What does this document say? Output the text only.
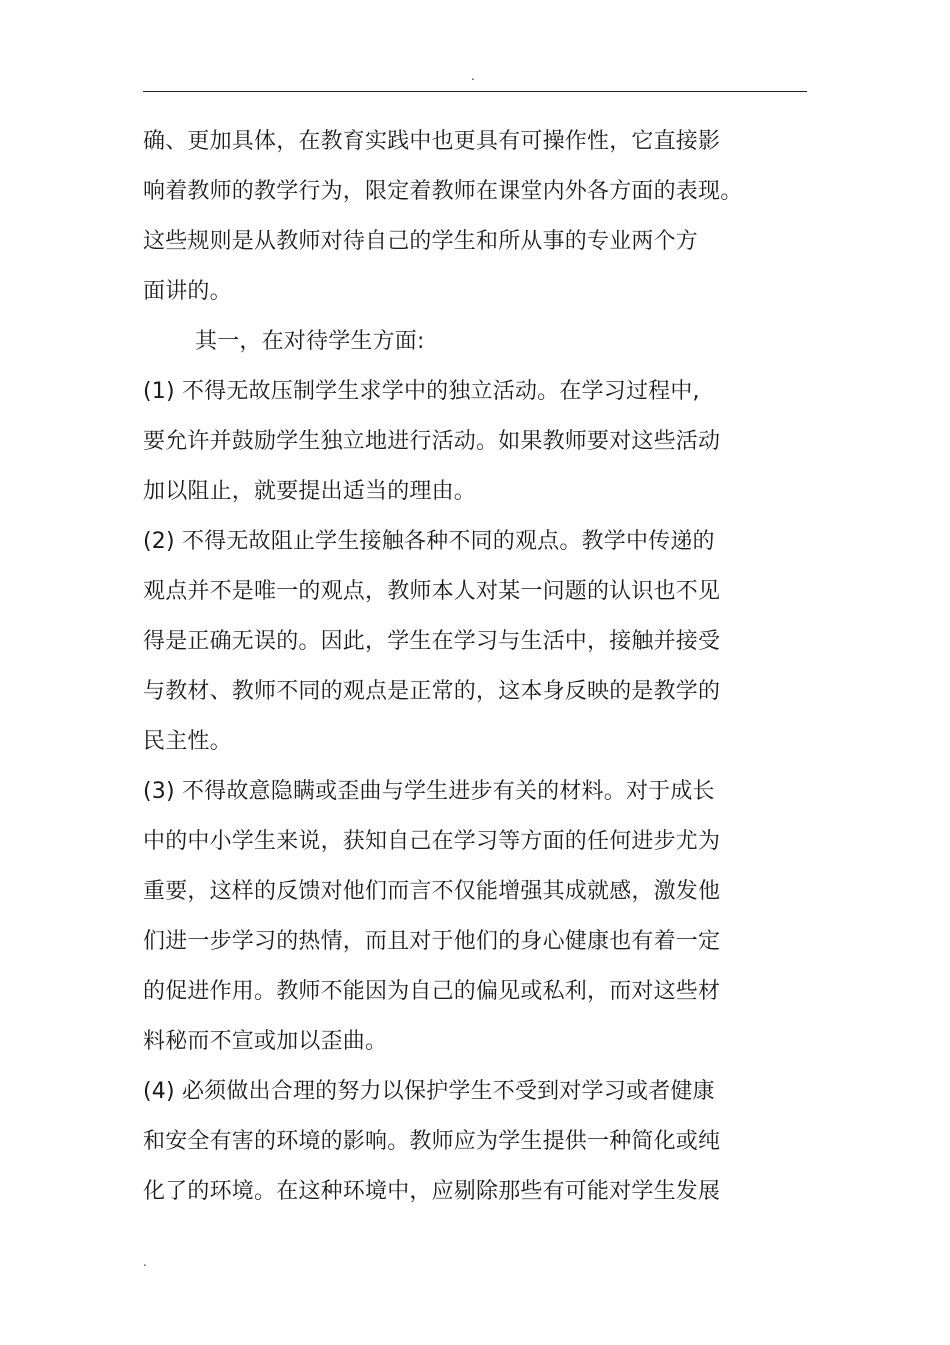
.
确、更加具体，在教育实践中也更具有可操作性，它直接影
响着教师的教学行为，限定着教师在课堂内外各方面的表现。
这些规则是从教师对待自己的学生和所从事的专业两个方
面讲的。
其一，在对待学生方面:
(1) 不得无故压制学生求学中的独立活动。在学习过程中,
要允许并鼓励学生独立地进行活动。如果教师要对这些活动
加以阻止，就要提出适当的理由。
(2) 不得无故阻止学生接触各种不同的观点。教学中传递的
观点并不是唯一的观点，教师本人对某一问题的认识也不见
得是正确无误的。因此，学生在学习与生活中，接触并接受
与教材、教师不同的观点是正常的，这本身反映的是教学的
民主性。
(3) 不得故意隐瞒或歪曲与学生进步有关的材料。对于成长
中的中小学生来说，获知自己在学习等方面的任何进步尤为
重要，这样的反馈对他们而言不仅能增强其成就感，激发他
们进一步学习的热情，而且对于他们的身心健康也有着一定
的促进作用。教师不能因为自己的偏见或私利，而对这些材
料秘而不宣或加以歪曲。
(4) 必须做出合理的努力以保护学生不受到对学习或者健康
和安全有害的环境的影响。教师应为学生提供一种简化或纯
化了的环境。在这种环境中，应剔除那些有可能对学生发展
.
